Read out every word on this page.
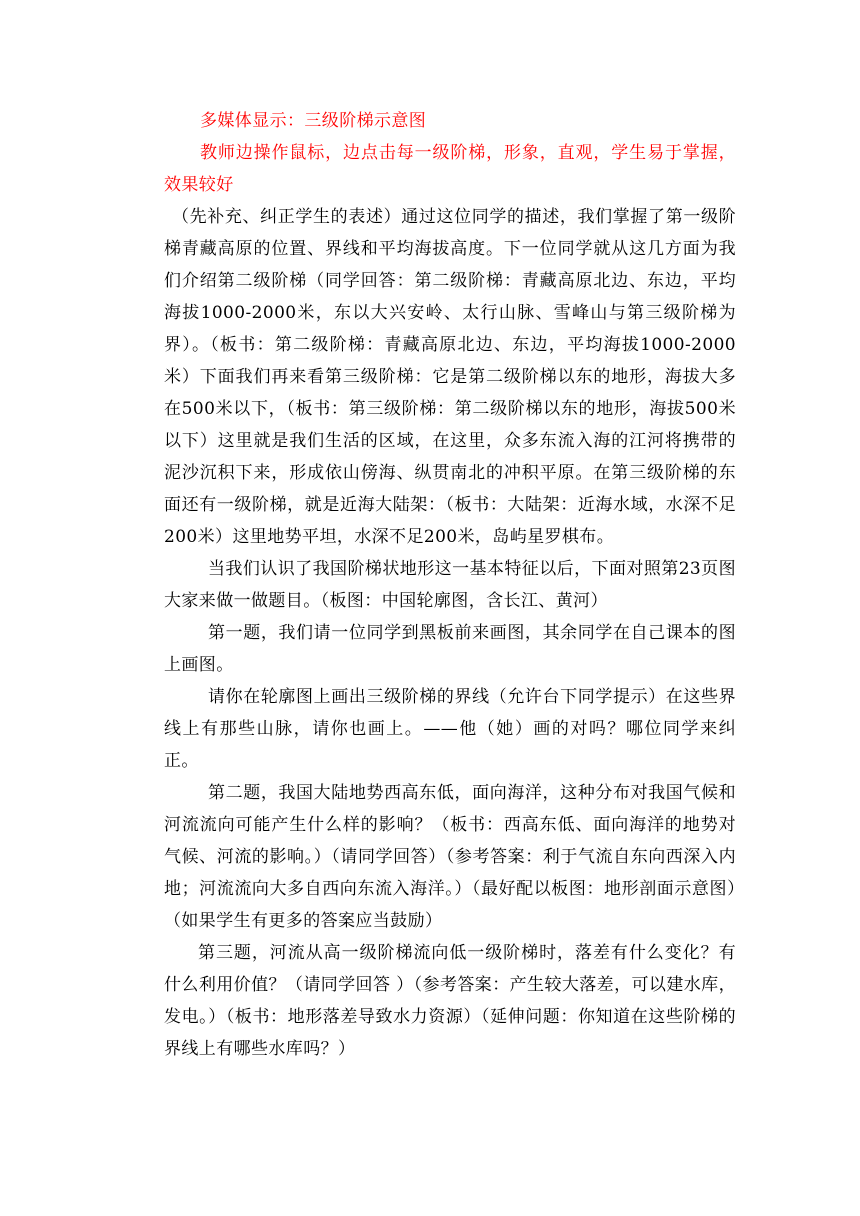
多媒体显示：三级阶梯示意图

教师边操作鼠标，边点击每一级阶梯，形象，直观，学生易于掌握，效果较好

（先补充、纠正学生的表述）通过这位同学的描述，我们掌握了第一级阶梯青藏高原的位置、界线和平均海拔高度。下一位同学就从这几方面为我们介绍第二级阶梯（同学回答：第二级阶梯：青藏高原北边、东边，平均海拔1000-2000米，东以大兴安岭、太行山脉、雪峰山与第三级阶梯为界）。（板书：第二级阶梯：青藏高原北边、东边，平均海拔1000-2000米）下面我们再来看第三级阶梯：它是第二级阶梯以东的地形，海拔大多在500米以下，（板书：第三级阶梯：第二级阶梯以东的地形，海拔500米以下）这里就是我们生活的区域，在这里，众多东流入海的江河将携带的泥沙沉积下来，形成依山傍海、纵贯南北的冲积平原。在第三级阶梯的东面还有一级阶梯，就是近海大陆架：（板书：大陆架：近海水域，水深不足200米）这里地势平坦，水深不足200米，岛屿星罗棋布。

当我们认识了我国阶梯状地形这一基本特征以后，下面对照第23页图大家来做一做题目。（板图：中国轮廓图，含长江、黄河）

第一题，我们请一位同学到黑板前来画图，其余同学在自己课本的图上画图。

请你在轮廓图上画出三级阶梯的界线（允许台下同学提示）在这些界线上有那些山脉，请你也画上。——他（她）画的对吗？哪位同学来纠正。

第二题，我国大陆地势西高东低，面向海洋，这种分布对我国气候和河流流向可能产生什么样的影响？（板书：西高东低、面向海洋的地势对气候、河流的影响。）（请同学回答）（参考答案：利于气流自东向西深入内地；河流流向大多自西向东流入海洋。）（最好配以板图：地形剖面示意图）（如果学生有更多的答案应当鼓励）

第三题，河流从高一级阶梯流向低一级阶梯时，落差有什么变化？有什么利用价值？（请同学回答 ）（参考答案：产生较大落差，可以建水库，发电。）（板书：地形落差导致水力资源）（延伸问题：你知道在这些阶梯的界线上有哪些水库吗？）
